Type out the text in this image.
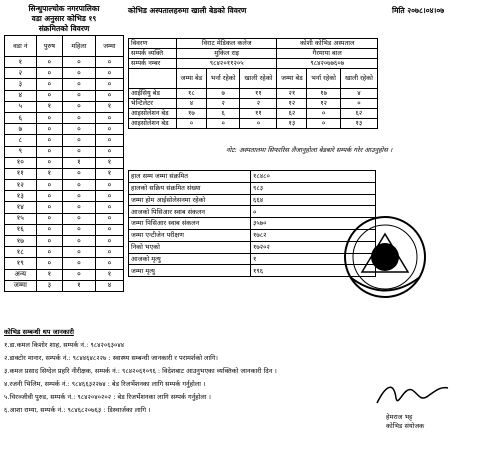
सिन्धुपाल्चोक नगरपालिका
वडा अनुसार कोभिड १९
संक्रमितको विवरण
वडा नं	पुरुष	महिला	जम्मा
१	०	०	०
२	०	०	०
३	०	०	०
४	०	०	०
५	१	०	१
६	०	०	०
७	०	०	०
८	०	०	०
९	०	०	०
१०	०	१	१
११	१	०	१
१२	०	०	०
१३	०	०	०
१४	०	०	०
१५	०	०	०
१६	०	०	०
१७	०	०	०
१८	०	०	०
१९	०	०	०
अन्य	१	०	१
जम्मा	३	१	४
कोभिड अस्पतालहरुमा खाली बेडको विवरण	मिति २०७८।०४।०७
विवरण	विराट मेडिकल कलेज			कोशी कोभिड अस्पताल		
सम्पर्क व्यक्ति	मुकिल राइ			गैरमाया बाल		
सम्पर्क नम्बर	९८४२०११२०५			९८४२०७७६०७		
	जम्मा बेड	भर्ना रहेको	खाली रहेको	जम्मा बेड	भर्ना रहेको	खाली रहेको
आईसियु बेड	१८	७	११	२१	१७	४
भेन्टिलेटर	४	२	२	१२	१२	०
आइसोलेशन बेड	१७	६	११	६२	०	६२
आइसोलेशन बेड	०	०	०	१३	०	१३
नोट: अस्पतालमा सिफारिस लैजानुहोला बेडबारे सम्पर्क गरेर आउनुहोस ।
हाल सम्म जम्मा संक्रमित	१८४८०
हालको सक्रिय संक्रमित संख्या	९८३
जम्मा होम आईसोलेसनमा रहेको	६६४
आजको पिसिआर स्वाब संकलन	०
जम्मा पिसिआर स्वाब संकलन	३५७०
जम्मा एन्टीजेन परीक्षण	१७८२
निको भएको	१७२०२
आजको मृत्यु	१
जम्मा मृत्यु	१९६
कोभिड सम्बन्धी थप जानकारी
१.डा.कमल किशोर शाह, सम्पर्क नं.: ९८४२०६३०४४
२.डाक्टोर मानार, सम्पर्क नं.: ९८४४६४८२२७ : स्वास्थ्य सम्बन्धी जानकारी र परामर्शको लागि।
३.कमल प्रसाद सिग्देल प्रहरि नीरीक्षक, सम्पर्क नं.: ९८४२०६१०९६ : विदेशबाट आउनुभएका व्यक्तिको जानकारी दिन ।
४.रजनी भिलिम, सम्पर्क नं.: ९८४६६३२२७४ : बेड रिजर्भेशनका लागि सम्पर्क गर्नुहोला ।
५.चिरञ्जीवी पुरुड, सम्पर्क नं.: ९८४२०४०२०२ : बेड रिजर्भेशनका लागि सम्पर्क गर्नुहोला ।
६.आशा राम्या, सम्पर्क नं.: ९८४६८२०७६३ : डिस्चार्जका लागि ।
हेमराज भट्ट
कोभिड संयोजक
